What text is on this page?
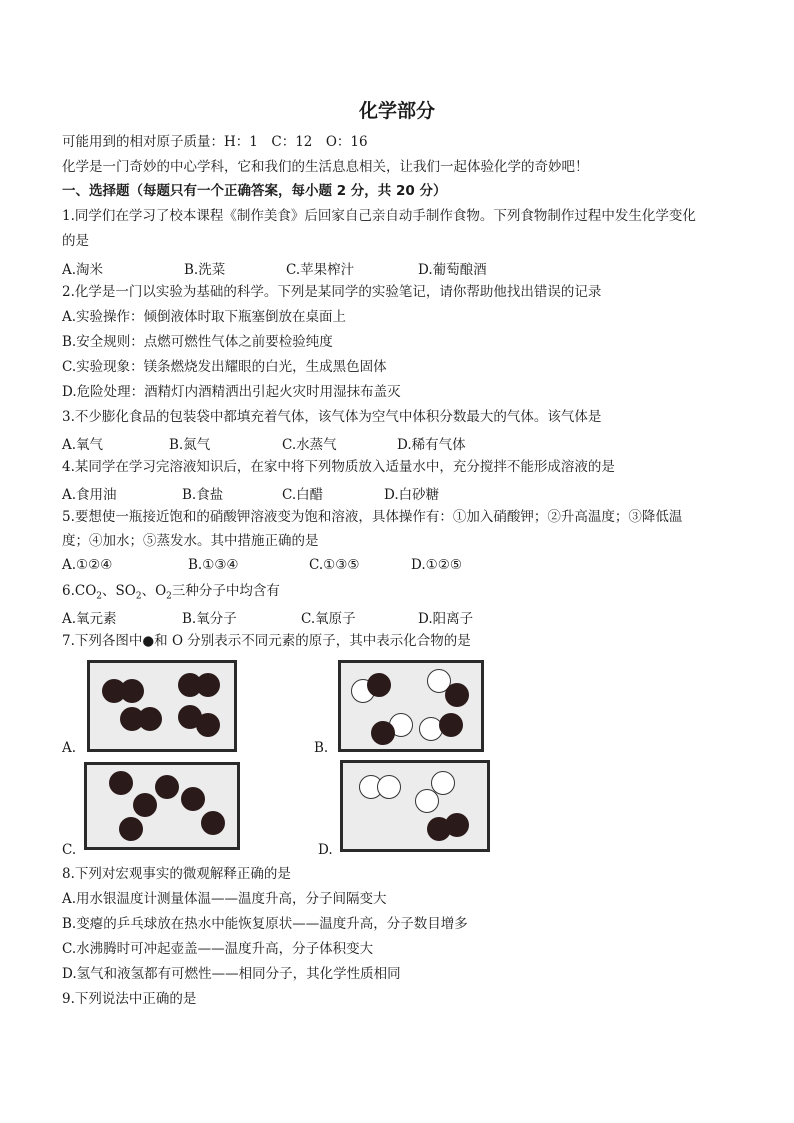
化学部分
可能用到的相对原子质量：H：1　C：12　O：16
化学是一门奇妙的中心学科，它和我们的生活息息相关，让我们一起体验化学的奇妙吧！
一、选择题（每题只有一个正确答案，每小题 2 分，共 20 分）
1.同学们在学习了校本课程《制作美食》后回家自己亲自动手制作食物。下列食物制作过程中发生化学变化
的是
A.淘米	B.洗菜	C.苹果榨汁	D.葡萄酿酒
2.化学是一门以实验为基础的科学。下列是某同学的实验笔记，请你帮助他找出错误的记录
A.实验操作：倾倒液体时取下瓶塞倒放在桌面上
B.安全规则：点燃可燃性气体之前要检验纯度
C.实验现象：镁条燃烧发出耀眼的白光，生成黑色固体
D.危险处理：酒精灯内酒精洒出引起火灾时用湿抹布盖灭
3.不少膨化食品的包装袋中都填充着气体，该气体为空气中体积分数最大的气体。该气体是
A.氧气	B.氮气	C.水蒸气	D.稀有气体
4.某同学在学习完溶液知识后，在家中将下列物质放入适量水中，充分搅拌不能形成溶液的是
A.食用油	B.食盐	C.白醋	D.白砂糖
5.要想使一瓶接近饱和的硝酸钾溶液变为饱和溶液，具体操作有：①加入硝酸钾；②升高温度；③降低温
度；④加水；⑤蒸发水。其中措施正确的是
A.①②④	B.①③④	C.①③⑤	D.①②⑤
$6.CO_2$、$SO_2$、$O_2$三种分子中均含有
A.氧元素	B.氧分子	C.氧原子	D.阳离子
7.下列各图中●和 O 分别表示不同元素的原子，其中表示化合物的是
A.	B.
C.	D.
8.下列对宏观事实的微观解释正确的是
A.用水银温度计测量体温——温度升高，分子间隔变大
B.变瘪的乒乓球放在热水中能恢复原状——温度升高，分子数目增多
C.水沸腾时可冲起壶盖——温度升高，分子体积变大
D.氢气和液氢都有可燃性——相同分子，其化学性质相同
9.下列说法中正确的是
